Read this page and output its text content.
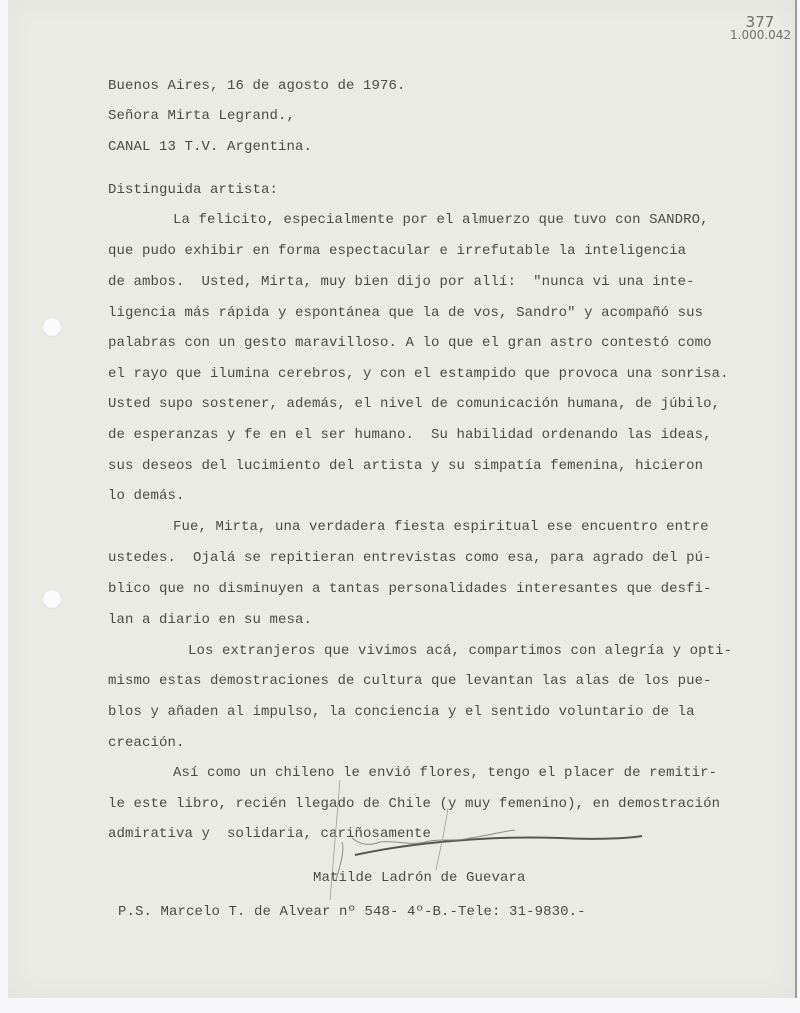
377
1.000.042
Buenos Aires, 16 de agosto de 1976.
Señora Mirta Legrand.,
CANAL 13 T.V. Argentina.
Distinguida artista:
La felicito, especialmente por el almuerzo que tuvo con SANDRO,
que pudo exhibir en forma espectacular e irrefutable la inteligencia
de ambos.  Usted, Mirta, muy bien dijo por allí:  "nunca vi una inte-
ligencia más rápida y espontánea que la de vos, Sandro" y acompañó sus
palabras con un gesto maravilloso. A lo que el gran astro contestó como
el rayo que ilumina cerebros, y con el estampido que provoca una sonrisa.
Usted supo sostener, además, el nivel de comunicación humana, de júbilo,
de esperanzas y fe en el ser humano.  Su habilidad ordenando las ideas,
sus deseos del lucimiento del artista y su simpatía femenina, hicieron
lo demás.
Fue, Mirta, una verdadera fiesta espiritual ese encuentro entre
ustedes.  Ojalá se repitieran entrevistas como esa, para agrado del pú-
blico que no disminuyen a tantas personalidades interesantes que desfi-
lan a diario en su mesa.
Los extranjeros que vivimos acá, compartimos con alegría y opti-
mismo estas demostraciones de cultura que levantan las alas de los pue-
blos y añaden al impulso, la conciencia y el sentido voluntario de la
creación.
Así como un chileno le envió flores, tengo el placer de remitir-
le este libro, recién llegado de Chile (y muy femenino), en demostración
admirativa y  solidaria, cariñosamente
Matilde Ladrón de Guevara
P.S. Marcelo T. de Alvear nº 548- 4º-B.-Tele: 31-9830.-
